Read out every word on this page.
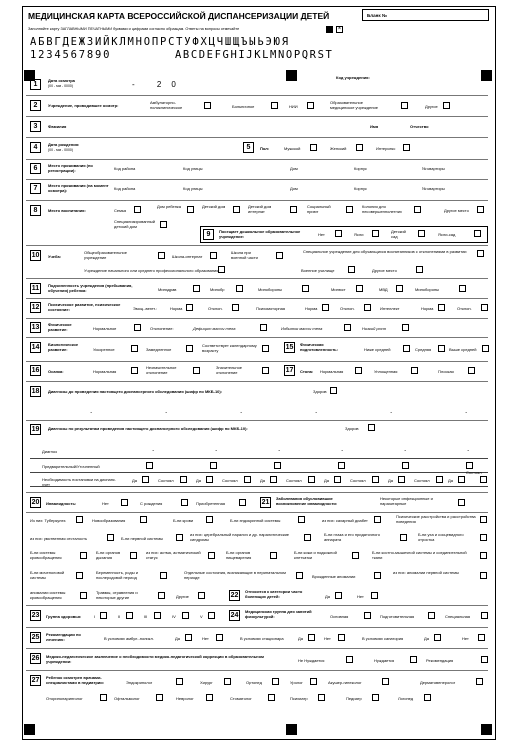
МЕДИЦИНСКАЯ КАРТА ВСЕРОССИЙСКОЙ ДИСПАНСЕРИЗАЦИИ ДЕТЕЙ	Бланк №
Заполняйте карту ЗАГЛАВНЫМИ ПЕЧАТНЫМИ буквами и цифрами согласно образцам. Ответы на вопросы отмечайте	×
АБВГДЕЖЗИЙКЛМНОПРСТУФХЦЧШЩЪЫЬЭЮЯ
1234567890	ABCDEFGHIJKLMNOPQRST
1
Дата осмотра
(00 - мм - 0000)	- 20
Код учреждения:
2	Учреждение, проводившее осмотр:
Амбулаторно-поликлиническое	Больничное	НИИ
Образовательное медицинское учреждение	Другое
3	Фамилия	Имя	Отчество
4	Дата рождения:
(00 - мм - 0000)	5	Пол:	Мужской	Женский	Интерсекс
6	Место проживания (по регистрации):	Код района	Код улицы	Дом	Корпус	№ квартиры
7	Место проживания (на момент осмотра):	Код района	Код улицы	Дом	Корпус	№ квартиры
8	Место воспитания:	Семья
Дом ребенка	Детский дом	Детский дом интернат
Социальный приют
Колония для несовершеннолетних	Другое место
Специализированный детский дом
9	Посещает дошкольное образовательное учреждение:	Нет	Ясли
Детский сад	Ясли-сад
10	Учеба:
Общеобразовательное учреждение	Школа-интернат
Школа при военной части
Специальное учреждение для обучающихся воспитанников с отклонениями в развитии
Учреждение начального или среднего профессионального образования	Военное училище	Другое место
11	Подчиненность учреждения (пребывания, обучения) ребенка:	Минздрав	Минобр	Минобороны	Минюст	МВД	Минобороны
12	Психическое развитие, психическое состояние:	Эмоц.-вегет.:	Норма	Отклон.	Психомоторная	Норма	Отклон.	Интеллект	Норма	Отклон.
13	Физическое развитие:	Нормальное	Отклонение:	Дефицит массы тела	Избыток массы тела	Низкий рост
14	Биологическое развитие:	Ускоренное	Замедленное
Соответствует календарному возрасту	15	Физическая подготовленность:	Ниже средней	Средняя	Выше средней
16	Осанка:	Нормальная
Незначительное отклонение
Значительное отклонение	17	Стопа: Нормальная	Уплощенная	Плоская
18	Диагнозы до проведения настоящего диспансерного обследования (шифр по МКБ-10):	Здоров
.	.	.	.	.	.
19	Диагнозы по результатам проведения настоящего диспансерного обследования (шифр по МКБ-10):	Здоров
Диагноз
Предварительный/Уточненный
Необходимость постановки на диспанс. учет
.	.	.	.	.	.
Да	Состоял	Да	Состоял	Да	Состоял	Да	Состоял	Да	Состоял	Да
Состоял
20	Инвалидность:	Нет	С рождения	Приобретенная	21
Заболевания обусловившие возникновение инвалидности:
Некоторые инфекционные и паразитарные
Из них: Туберкулез	Новообразования	Б-ни крови	Б-ни эндокринной системы	из них: сахарный диабет
Психические расстройства и расстройства поведения
из них: умственная отсталость	Б-ни нервной системы
из них: церебральный паралич и др. паралитические синдромы
Б-ни глаза и его придаточного аппарата
Б-ни уха и сосцевидного отростка
Б-ни системы кровообращения
Б-ни органов дыхания
из них: астма, астматический статус
Б-ни органов пищеварения
Б-ни кожи и подкожной клетчатки
Б-ни костно-мышечной системы и соединительной ткани
Б-ни мочеполовой системы
Беременность, роды и послеродовой период
Отдельные состояния, возникающие в перинатальном периоде	Врожденные аномалии
из них: аномалии нервной системы
аномалии системы кровообращения
Травмы, отравления и некоторые другие	Другие	22
Относится к категории часто болеющих детей:	Да	Нет
23	Группа здоровья:	I	II	III	IV	V	24
Медицинская группа для занятий физкультурой:	Основная	Подготовительная	Специальная
25	Рекомендации по лечению:	В условиях амбул.-поликл.	Да	Нет	В условиях стационара	Да	Нет	В условиях санатория	Да	Нет
26	Медико-педагогическое заключение о необходимости медико-педагогической коррекции в образовательном учреждении:	Не Нуждается	Нуждается	Рекомендация
27	Ребенок осмотрен врачами-специалистами в педиатрии:	Эндокринолог	Хирург	Ортопед	Уролог	Акушер-гинеколог	Дерматовенеролог
Оториноларинголог	Офтальмолог	Невролог	Стоматолог	Психиатр	Педиатр	Логопед
